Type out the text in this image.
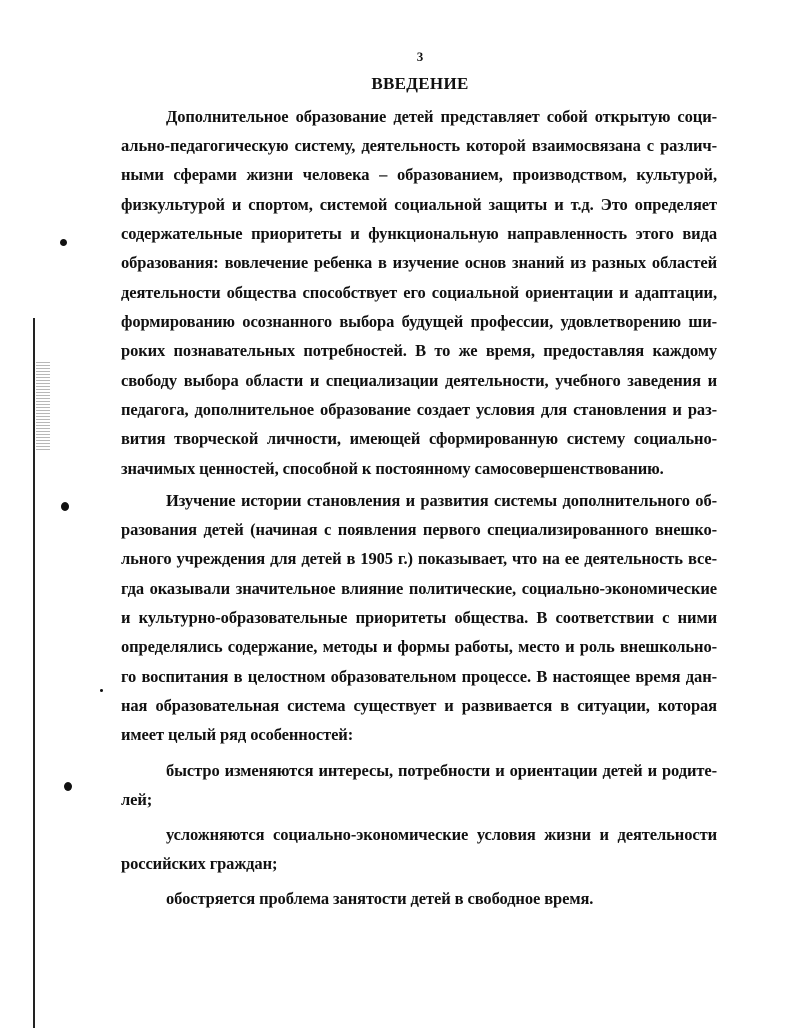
3
ВВЕДЕНИЕ
Дополнительное образование детей представляет собой открытую соци-
ально-педагогическую систему, деятельность которой взаимосвязана с различ-
ными сферами жизни человека – образованием, производством, культурой,
физкультурой и спортом, системой социальной защиты и т.д. Это определяет
содержательные приоритеты и функциональную направленность этого вида
образования: вовлечение ребенка в изучение основ знаний из разных областей
деятельности общества способствует его социальной ориентации и адаптации,
формированию осознанного выбора будущей профессии, удовлетворению ши-
роких познавательных потребностей. В то же время, предоставляя каждому
свободу выбора области и специализации деятельности, учебного заведения и
педагога, дополнительное образование создает условия для становления и раз-
вития творческой личности, имеющей сформированную систему социально-
значимых ценностей, способной к постоянному самосовершенствованию.
Изучение истории становления и развития системы дополнительного об-
разования детей (начиная с появления первого специализированного внешко-
льного учреждения для детей в 1905 г.) показывает, что на ее деятельность все-
гда оказывали значительное влияние политические, социально-экономические
и культурно-образовательные приоритеты общества. В соответствии с ними
определялись содержание, методы и формы работы, место и роль внешкольно-
го воспитания в целостном образовательном процессе. В настоящее время дан-
ная образовательная система существует и развивается в ситуации, которая
имеет целый ряд особенностей:
быстро изменяются интересы, потребности и ориентации детей и родите-
лей;
усложняются социально-экономические условия жизни и деятельности
российских граждан;
обостряется проблема занятости детей в свободное время.
